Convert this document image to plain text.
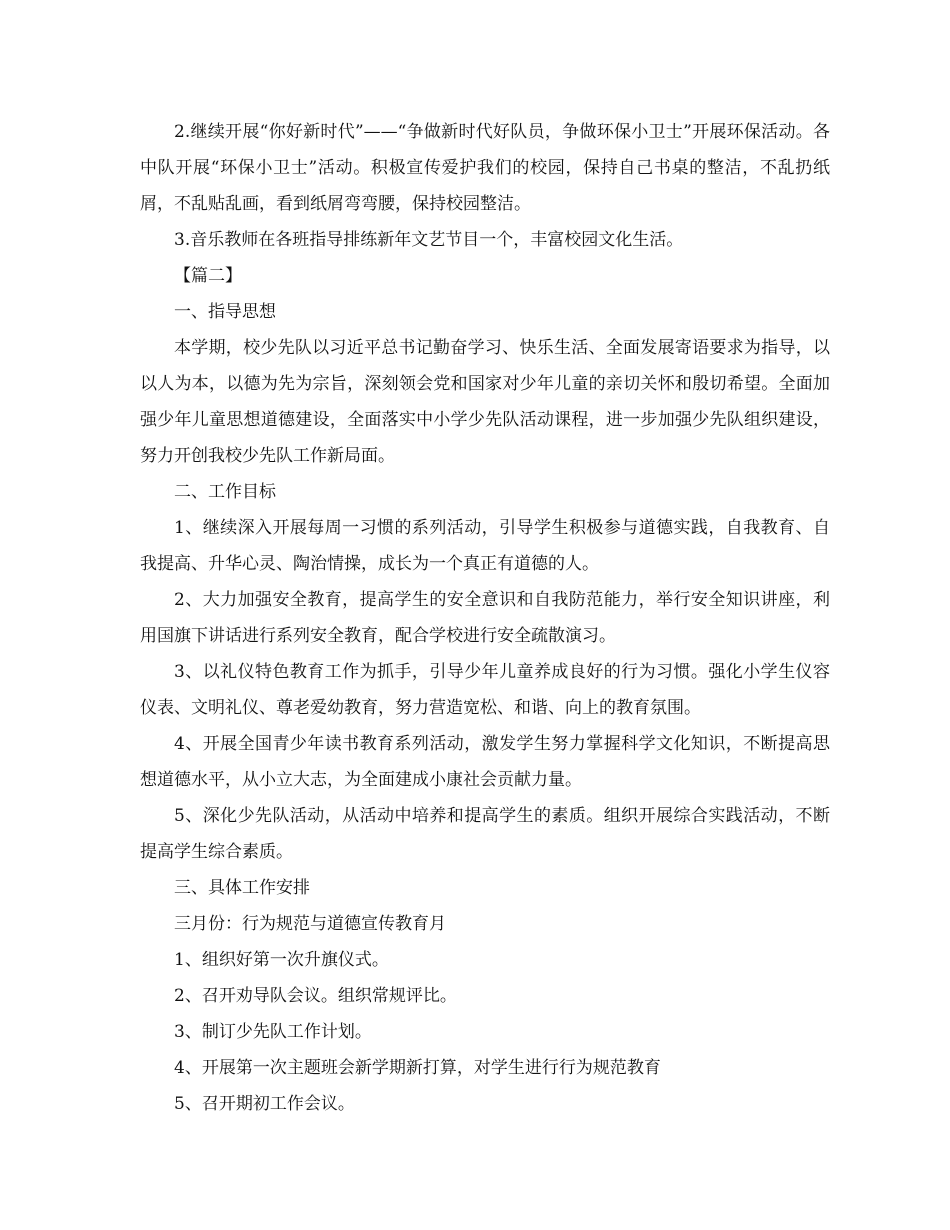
2.继续开展“你好新时代”——“争做新时代好队员，争做环保小卫士”开展环保活动。各中队开展“环保小卫士”活动。积极宣传爱护我们的校园，保持自己书桌的整洁，不乱扔纸屑，不乱贴乱画，看到纸屑弯弯腰，保持校园整洁。

3.音乐教师在各班指导排练新年文艺节目一个，丰富校园文化生活。

【篇二】

一、指导思想

本学期，校少先队以习近平总书记勤奋学习、快乐生活、全面发展寄语要求为指导，以以人为本，以德为先为宗旨，深刻领会党和国家对少年儿童的亲切关怀和殷切希望。全面加强少年儿童思想道德建设，全面落实中小学少先队活动课程，进一步加强少先队组织建设，努力开创我校少先队工作新局面。

二、工作目标

1、继续深入开展每周一习惯的系列活动，引导学生积极参与道德实践，自我教育、自我提高、升华心灵、陶治情操，成长为一个真正有道德的人。

2、大力加强安全教育，提高学生的安全意识和自我防范能力，举行安全知识讲座，利用国旗下讲话进行系列安全教育，配合学校进行安全疏散演习。

3、以礼仪特色教育工作为抓手，引导少年儿童养成良好的行为习惯。强化小学生仪容仪表、文明礼仪、尊老爱幼教育，努力营造宽松、和谐、向上的教育氛围。

4、开展全国青少年读书教育系列活动，激发学生努力掌握科学文化知识，不断提高思想道德水平，从小立大志，为全面建成小康社会贡献力量。

5、深化少先队活动，从活动中培养和提高学生的素质。组织开展综合实践活动，不断提高学生综合素质。

三、具体工作安排

三月份：行为规范与道德宣传教育月

1、组织好第一次升旗仪式。

2、召开劝导队会议。组织常规评比。

3、制订少先队工作计划。

4、开展第一次主题班会新学期新打算，对学生进行行为规范教育

5、召开期初工作会议。
